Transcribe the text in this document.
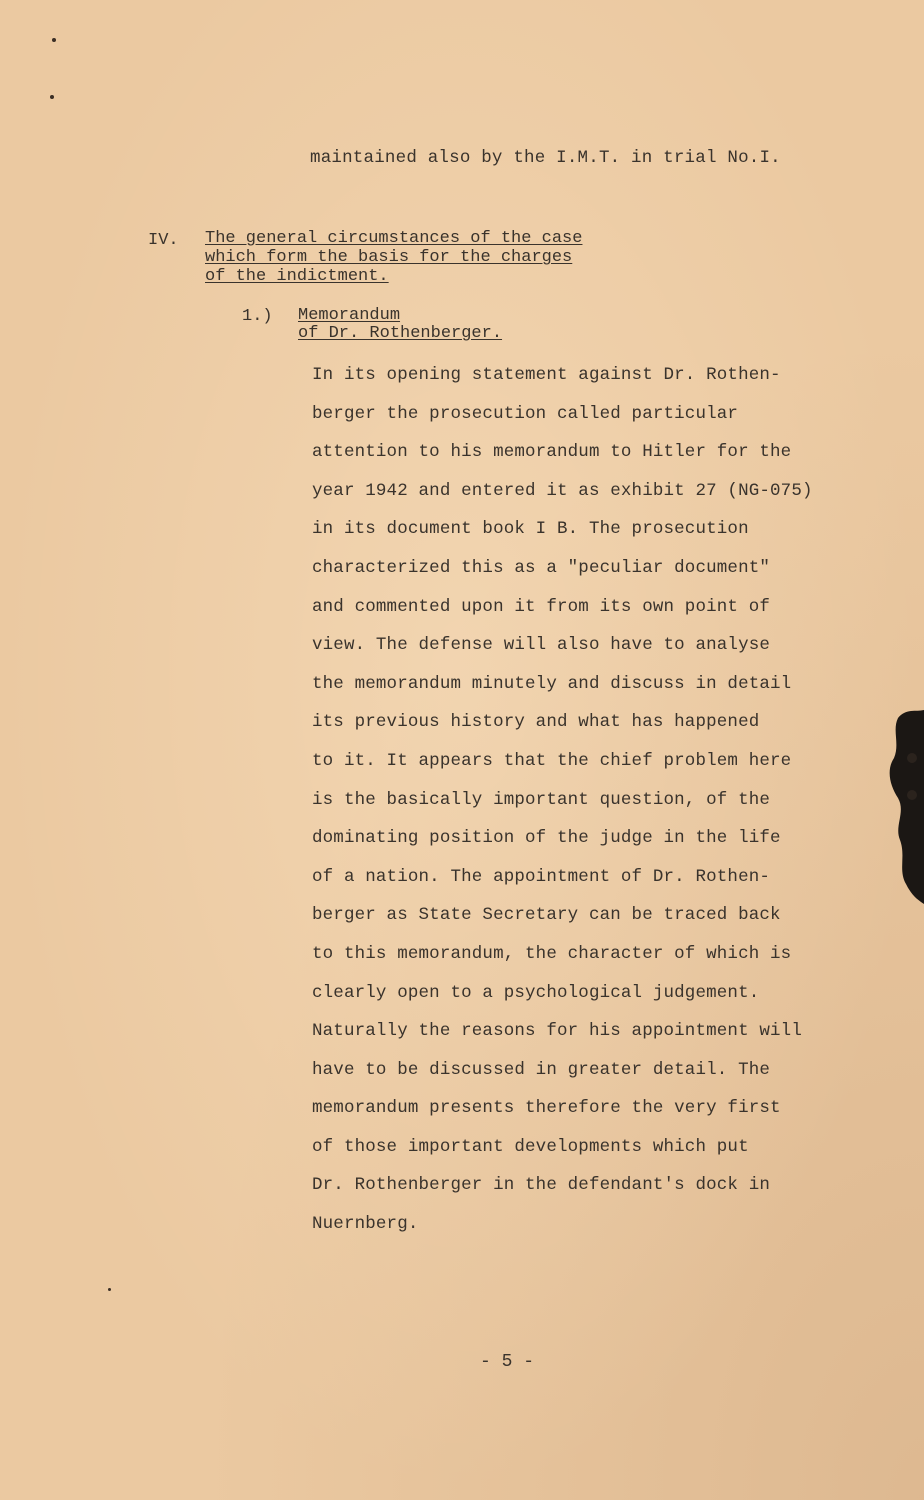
maintained also by the I.M.T. in trial No.I.
IV. The general circumstances of the case
which form the basis for the charges
of the indictment.
1.) Memorandum
of Dr. Rothenberger.
In its opening statement against Dr. Rothen-
berger the prosecution called particular
attention to his memorandum to Hitler for the
year 1942 and entered it as exhibit 27 (NG-075)
in its document book I B. The prosecution
characterized this as a "peculiar document"
and commented upon it from its own point of
view. The defense will also have to analyse
the memorandum minutely and discuss in detail
its previous history and what has happened
to it. It appears that the chief problem here
is the basically important question, of the
dominating position of the judge in the life
of a nation. The appointment of Dr. Rothen-
berger as State Secretary can be traced back
to this memorandum, the character of which is
clearly open to a psychological judgement.
Naturally the reasons for his appointment will
have to be discussed in greater detail. The
memorandum presents therefore the very first
of those important developments which put
Dr. Rothenberger in the defendant's dock in
Nuernberg.
- 5 -
